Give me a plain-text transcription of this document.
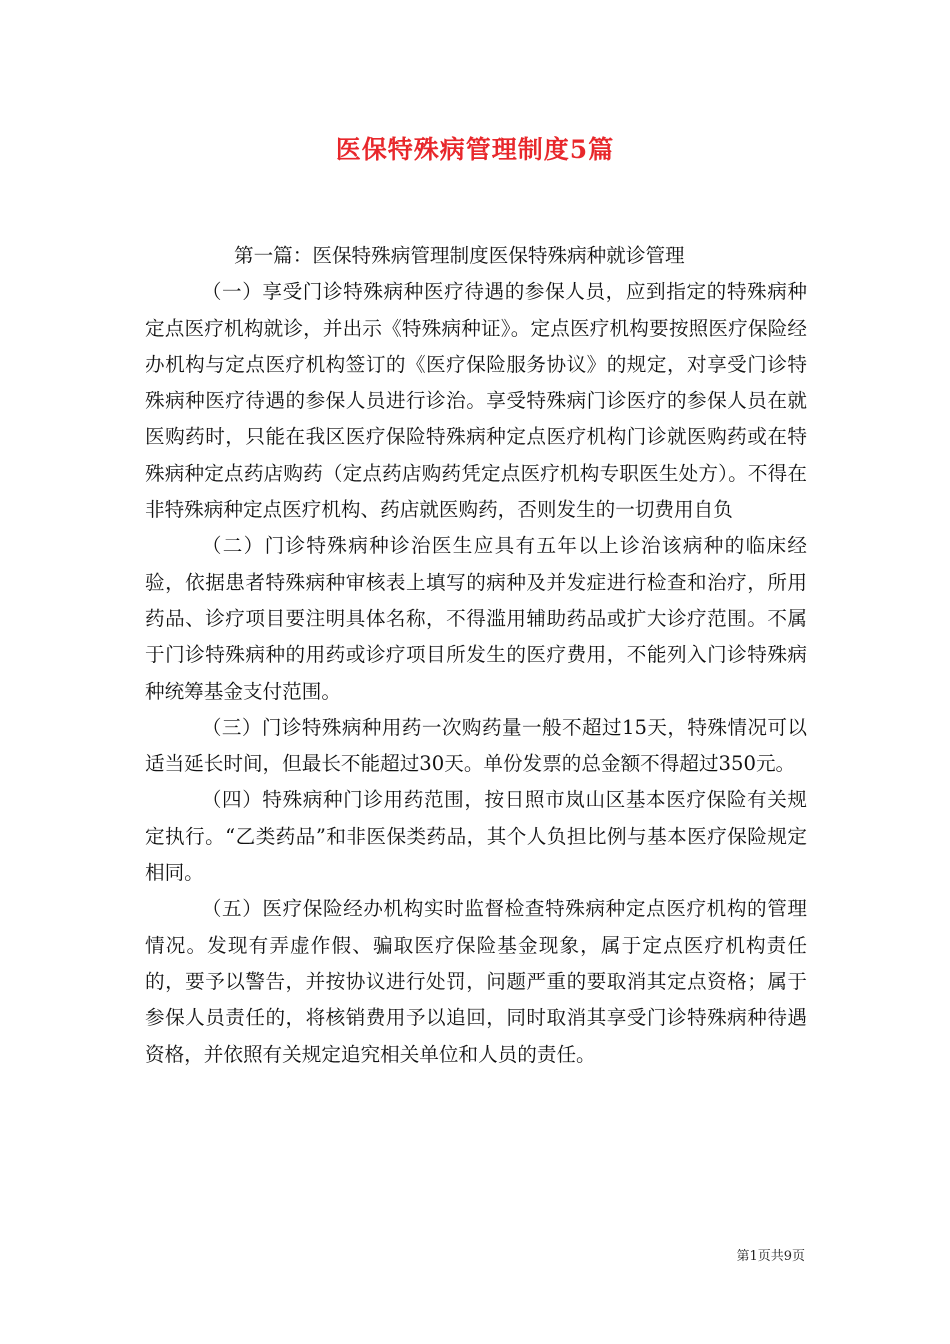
医保特殊病管理制度5篇

第一篇：医保特殊病管理制度医保特殊病种就诊管理

（一）享受门诊特殊病种医疗待遇的参保人员，应到指定的特殊病种定点医疗机构就诊，并出示《特殊病种证》。定点医疗机构要按照医疗保险经办机构与定点医疗机构签订的《医疗保险服务协议》的规定，对享受门诊特殊病种医疗待遇的参保人员进行诊治。享受特殊病门诊医疗的参保人员在就医购药时，只能在我区医疗保险特殊病种定点医疗机构门诊就医购药或在特殊病种定点药店购药（定点药店购药凭定点医疗机构专职医生处方）。不得在非特殊病种定点医疗机构、药店就医购药，否则发生的一切费用自负

（二）门诊特殊病种诊治医生应具有五年以上诊治该病种的临床经验，依据患者特殊病种审核表上填写的病种及并发症进行检查和治疗，所用药品、诊疗项目要注明具体名称，不得滥用辅助药品或扩大诊疗范围。不属于门诊特殊病种的用药或诊疗项目所发生的医疗费用，不能列入门诊特殊病种统筹基金支付范围。

（三）门诊特殊病种用药一次购药量一般不超过15天，特殊情况可以适当延长时间，但最长不能超过30天。单份发票的总金额不得超过350元。

（四）特殊病种门诊用药范围，按日照市岚山区基本医疗保险有关规定执行。“乙类药品”和非医保类药品，其个人负担比例与基本医疗保险规定相同。

（五）医疗保险经办机构实时监督检查特殊病种定点医疗机构的管理情况。发现有弄虚作假、骗取医疗保险基金现象，属于定点医疗机构责任的，要予以警告，并按协议进行处罚，问题严重的要取消其定点资格；属于参保人员责任的，将核销费用予以追回，同时取消其享受门诊特殊病种待遇资格，并依照有关规定追究相关单位和人员的责任。

第1页共9页
